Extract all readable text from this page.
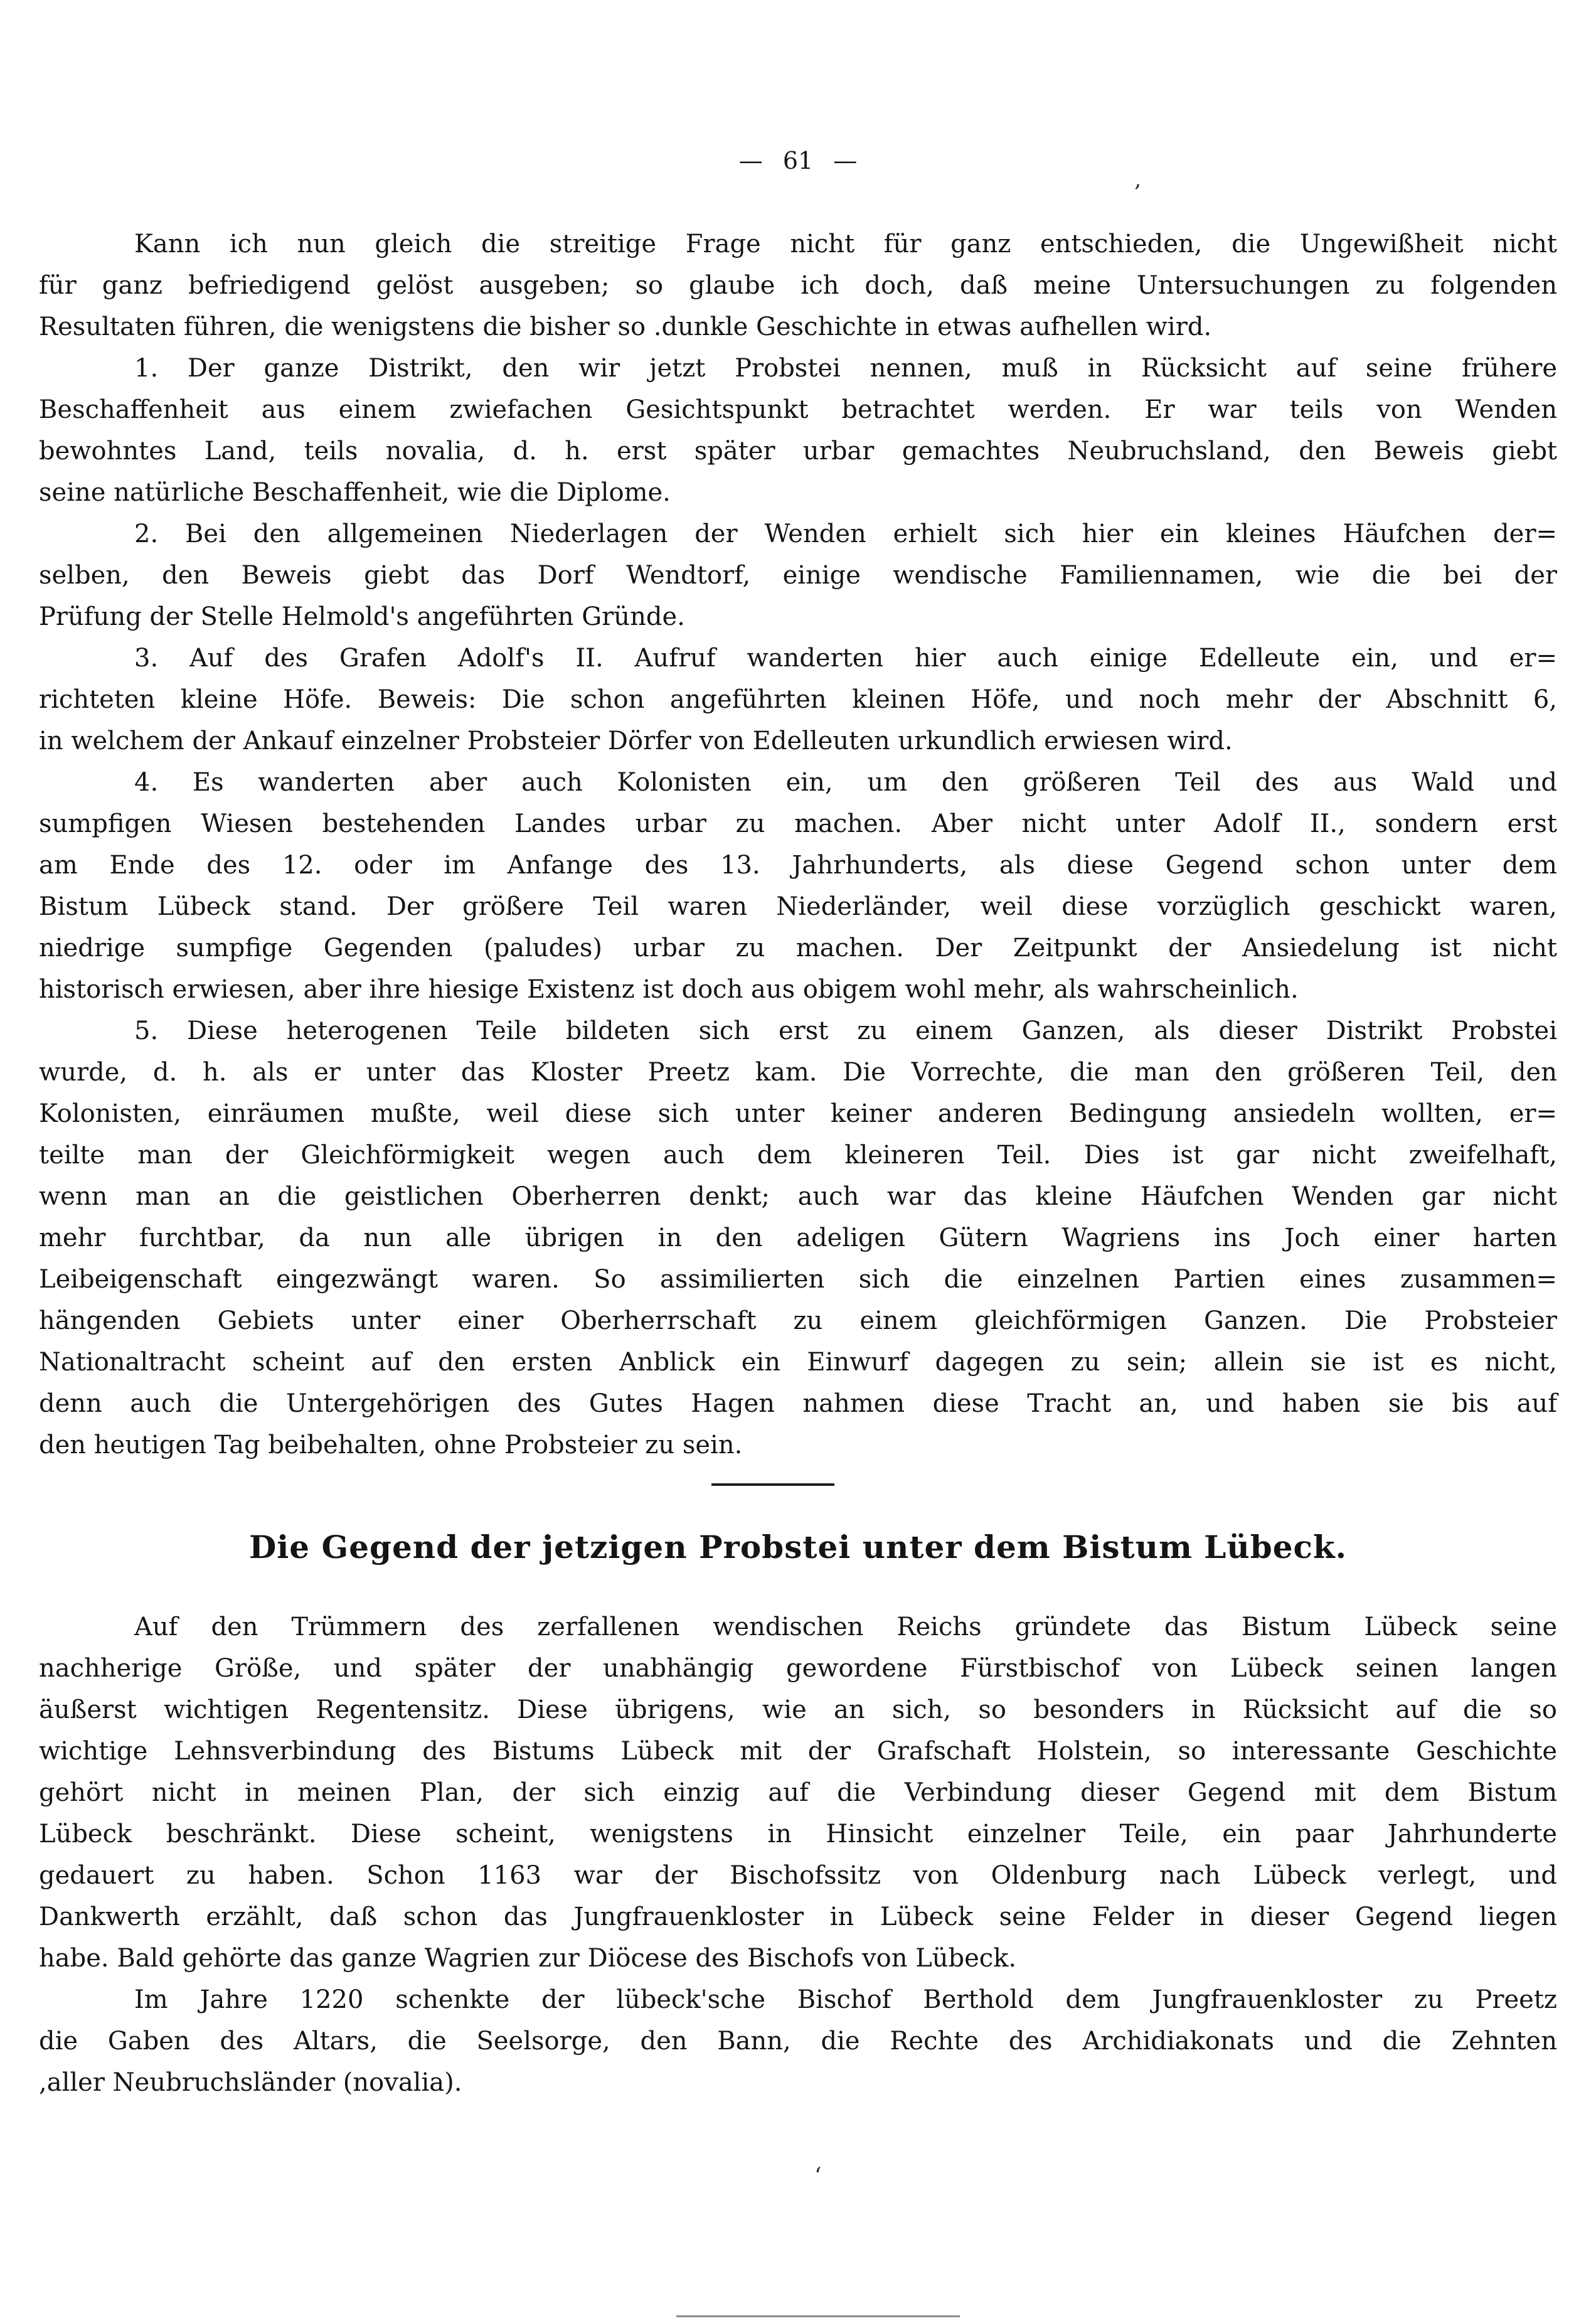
— 61 —
‚
Kann ich nun gleich die streitige Frage nicht für ganz entschieden, die Ungewißheit nicht
für ganz befriedigend gelöst ausgeben; so glaube ich doch, daß meine Untersuchungen zu folgenden
Resultaten führen, die wenigstens die bisher so .dunkle Geschichte in etwas aufhellen wird.
1. Der ganze Distrikt, den wir jetzt Probstei nennen, muß in Rücksicht auf seine frühere
Beschaffenheit aus einem zwiefachen Gesichtspunkt betrachtet werden. Er war teils von Wenden
bewohntes Land, teils novalia, d. h. erst später urbar gemachtes Neubruchsland, den Beweis giebt
seine natürliche Beschaffenheit, wie die Diplome.
2. Bei den allgemeinen Niederlagen der Wenden erhielt sich hier ein kleines Häufchen der=
selben, den Beweis giebt das Dorf Wendtorf, einige wendische Familiennamen, wie die bei der
Prüfung der Stelle Helmold's angeführten Gründe.
3. Auf des Grafen Adolf's II. Aufruf wanderten hier auch einige Edelleute ein, und er=
richteten kleine Höfe. Beweis: Die schon angeführten kleinen Höfe, und noch mehr der Abschnitt 6,
in welchem der Ankauf einzelner Probsteier Dörfer von Edelleuten urkundlich erwiesen wird.
4. Es wanderten aber auch Kolonisten ein, um den größeren Teil des aus Wald und
sumpfigen Wiesen bestehenden Landes urbar zu machen. Aber nicht unter Adolf II., sondern erst
am Ende des 12. oder im Anfange des 13. Jahrhunderts, als diese Gegend schon unter dem
Bistum Lübeck stand. Der größere Teil waren Niederländer, weil diese vorzüglich geschickt waren,
niedrige sumpfige Gegenden (paludes) urbar zu machen. Der Zeitpunkt der Ansiedelung ist nicht
historisch erwiesen, aber ihre hiesige Existenz ist doch aus obigem wohl mehr, als wahrscheinlich.
5. Diese heterogenen Teile bildeten sich erst zu einem Ganzen, als dieser Distrikt Probstei
wurde, d. h. als er unter das Kloster Preetz kam. Die Vorrechte, die man den größeren Teil, den
Kolonisten, einräumen mußte, weil diese sich unter keiner anderen Bedingung ansiedeln wollten, er=
teilte man der Gleichförmigkeit wegen auch dem kleineren Teil. Dies ist gar nicht zweifelhaft,
wenn man an die geistlichen Oberherren denkt; auch war das kleine Häufchen Wenden gar nicht
mehr furchtbar, da nun alle übrigen in den adeligen Gütern Wagriens ins Joch einer harten
Leibeigenschaft eingezwängt waren. So assimilierten sich die einzelnen Partien eines zusammen=
hängenden Gebiets unter einer Oberherrschaft zu einem gleichförmigen Ganzen. Die Probsteier
Nationaltracht scheint auf den ersten Anblick ein Einwurf dagegen zu sein; allein sie ist es nicht,
denn auch die Untergehörigen des Gutes Hagen nahmen diese Tracht an, und haben sie bis auf
den heutigen Tag beibehalten, ohne Probsteier zu sein.
Die Gegend der jetzigen Probstei unter dem Bistum Lübeck.
Auf den Trümmern des zerfallenen wendischen Reichs gründete das Bistum Lübeck seine
nachherige Größe, und später der unabhängig gewordene Fürstbischof von Lübeck seinen langen
äußerst wichtigen Regentensitz. Diese übrigens, wie an sich, so besonders in Rücksicht auf die so
wichtige Lehnsverbindung des Bistums Lübeck mit der Grafschaft Holstein, so interessante Geschichte
gehört nicht in meinen Plan, der sich einzig auf die Verbindung dieser Gegend mit dem Bistum
Lübeck beschränkt. Diese scheint, wenigstens in Hinsicht einzelner Teile, ein paar Jahrhunderte
gedauert zu haben. Schon 1163 war der Bischofssitz von Oldenburg nach Lübeck verlegt, und
Dankwerth erzählt, daß schon das Jungfrauenkloster in Lübeck seine Felder in dieser Gegend liegen
habe. Bald gehörte das ganze Wagrien zur Diöcese des Bischofs von Lübeck.
Im Jahre 1220 schenkte der lübeck'sche Bischof Berthold dem Jungfrauenkloster zu Preetz
die Gaben des Altars, die Seelsorge, den Bann, die Rechte des Archidiakonats und die Zehnten
,aller Neubruchsländer (novalia).
‘
